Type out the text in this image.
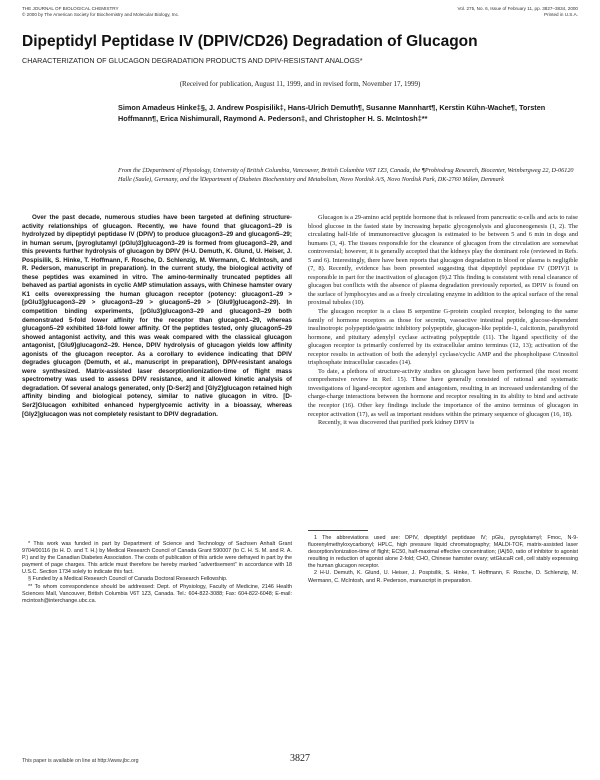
THE JOURNAL OF BIOLOGICAL CHEMISTRY
© 2000 by The American Society for Biochemistry and Molecular Biology, Inc.
Vol. 275, No. 6, Issue of February 11, pp. 3827–3834, 2000
Printed in U.S.A.
Dipeptidyl Peptidase IV (DPIV/CD26) Degradation of Glucagon
CHARACTERIZATION OF GLUCAGON DEGRADATION PRODUCTS AND DPIV-RESISTANT ANALOGS*
(Received for publication, August 11, 1999, and in revised form, November 17, 1999)
Simon Amadeus Hinke‡§, J. Andrew Pospisilik‡, Hans-Ulrich Demuth¶, Susanne Mannhart¶, Kerstin Kühn-Wache¶, Torsten Hoffmann¶, Erica Nishimura‖, Raymond A. Pederson‡, and Christopher H. S. McIntosh‡**
From the ‡Department of Physiology, University of British Columbia, Vancouver, British Columbia V6T 1Z3, Canada, the ¶Probiodrug Research, Biocenter, Weinbergweg 22, D-06120 Halle (Saale), Germany, and the ‖Department of Diabetes Biochemistry and Metabolism, Novo Nordisk A/S, Novo Nordisk Park, DK-2760 Måløv, Denmark

Over the past decade, numerous studies have been targeted at defining structure-activity relationships of glucagon. Recently, we have found that glucagon1–29 is hydrolyzed by dipeptidyl peptidase IV (DPIV) to produce glucagon3–29 and glucagon5–29; in human serum, [pyroglutamyl (pGlu)3]glucagon3–29 is formed from glucagon3–29, and this prevents further hydrolysis of glucagon by DPIV (H-U. Demuth, K. Glund, U. Heiser, J. Pospisilik, S. Hinke, T. Hoffmann, F. Rosche, D. Schlenzig, M. Wermann, C. McIntosh, and R. Pederson, manuscript in preparation). In the current study, the biological activity of these peptides was examined in vitro. The amino-terminally truncated peptides all behaved as partial agonists in cyclic AMP stimulation assays, with Chinese hamster ovary K1 cells overexpressing the human glucagon receptor (potency: glucagon1–29 > [pGlu3]glucagon3–29 > glucagon3–29 > glucagon5–29 > [Glu9]glucagon2–29). In competition binding experiments, [pGlu3]glucagon3–29 and glucagon3–29 both demonstrated 5-fold lower affinity for the receptor than glucagon1–29, whereas glucagon5–29 exhibited 18-fold lower affinity. Of the peptides tested, only glucagon5–29 showed antagonist activity, and this was weak compared with the classical glucagon antagonist, [Glu9]glucagon2–29. Hence, DPIV hydrolysis of glucagon yields low affinity agonists of the glucagon receptor. As a corollary to evidence indicating that DPIV degrades glucagon (Demuth, et al., manuscript in preparation), DPIV-resistant analogs were synthesized. Matrix-assisted laser desorption/ionization-time of flight mass spectrometry was used to assess DPIV resistance, and it allowed kinetic analysis of degradation. Of several analogs generated, only [D-Ser2] and [Gly2]glucagon retained high affinity binding and biological potency, similar to native glucagon in vitro. [D-Ser2]Glucagon exhibited enhanced hyperglycemic activity in a bioassay, whereas [Gly2]glucagon was not completely resistant to DPIV degradation.

* This work was funded in part by Department of Science and Technology of Sachsen Anhalt Grant 9704/00116 (to H. D. and T. H.) by Medical Research Council of Canada Grant 590007 (to C. H. S. M. and R. A. P.) and by the Canadian Diabetes Association. The costs of publication of this article were defrayed in part by the payment of page charges. This article must therefore be hereby marked “advertisement” in accordance with 18 U.S.C. Section 1734 solely to indicate this fact.

§ Funded by a Medical Research Council of Canada Doctoral Research Fellowship.

** To whom correspondence should be addressed: Dept. of Physiology, Faculty of Medicine, 2146 Health Sciences Mall, Vancouver, British Columbia V6T 1Z3, Canada. Tel.: 604-822-3088; Fax: 604-822-6048; E-mail: mcintosh@interchange.ubc.ca.

Glucagon is a 29-amino acid peptide hormone that is released from pancreatic α-cells and acts to raise blood glucose in the fasted state by increasing hepatic glycogenolysis and gluconeogenesis (1, 2). The circulating half-life of immunoreactive glucagon is estimated to be between 5 and 6 min in dogs and humans (3, 4). The tissues responsible for the clearance of glucagon from the circulation are somewhat controversial; however, it is generally accepted that the kidneys play the dominant role (reviewed in Refs. 5 and 6). Interestingly, there have been reports that glucagon degradation in blood or plasma is negligible (7, 8). Recently, evidence has been presented suggesting that dipeptidyl peptidase IV (DPIV)1 is responsible in part for the inactivation of glucagon (9).2 This finding is consistent with renal clearance of glucagon but conflicts with the absence of plasma degradation previously reported, as DPIV is found on the surface of lymphocytes and as a freely circulating enzyme in addition to the apical surface of the renal proximal tubules (10).

The glucagon receptor is a class B serpentine G-protein coupled receptor, belonging to the same family of hormone receptors as those for secretin, vasoactive intestinal peptide, glucose-dependent insulinotropic polypeptide/gastric inhibitory polypeptide, glucagon-like peptide-1, calcitonin, parathyroid hormone, and pituitary adenylyl cyclase activating polypeptide (11). The ligand specificity of the glucagon receptor is primarily conferred by its extracellular amino terminus (12, 13); activation of the receptor results in activation of both the adenylyl cyclase/cyclic AMP and the phospholipase C/inositol trisphosphate intracellular cascades (14).

To date, a plethora of structure-activity studies on glucagon have been performed (the most recent comprehensive review in Ref. 15). These have generally consisted of rational and systematic investigations of ligand-receptor agonism and antagonism, resulting in an increased understanding of the charge-charge interactions between the hormone and receptor resulting in its ability to bind and activate the receptor (16). Other key findings include the importance of the amino terminus of glucagon in receptor activation (17), as well as important residues within the primary sequence of glucagon (16, 18).

Recently, it was discovered that purified pork kidney DPIV is

1 The abbreviations used are: DPIV, dipeptidyl peptidase IV; pGlu, pyroglutamyl; Fmoc, N-9-fluorenylmethyloxycarbonyl; HPLC, high pressure liquid chromatography; MALDI-TOF, matrix-assisted laser desorption/ionization-time of flight; EC50, half-maximal effective concentration; (IA)50, ratio of inhibitor to agonist resulting in reduction of agonist alone 2-fold; CHO, Chinese hamster ovary; wtGlucaR cell, cell stably expressing the human glucagon receptor.

2 H-U. Demuth, K. Glund, U. Heiser, J. Pospisilik, S. Hinke, T. Hoffmann, F. Rosche, D. Schlenzig, M. Wermann, C. McIntosh, and R. Pederson, manuscript in preparation.

This paper is available on line at http://www.jbc.org	3827
